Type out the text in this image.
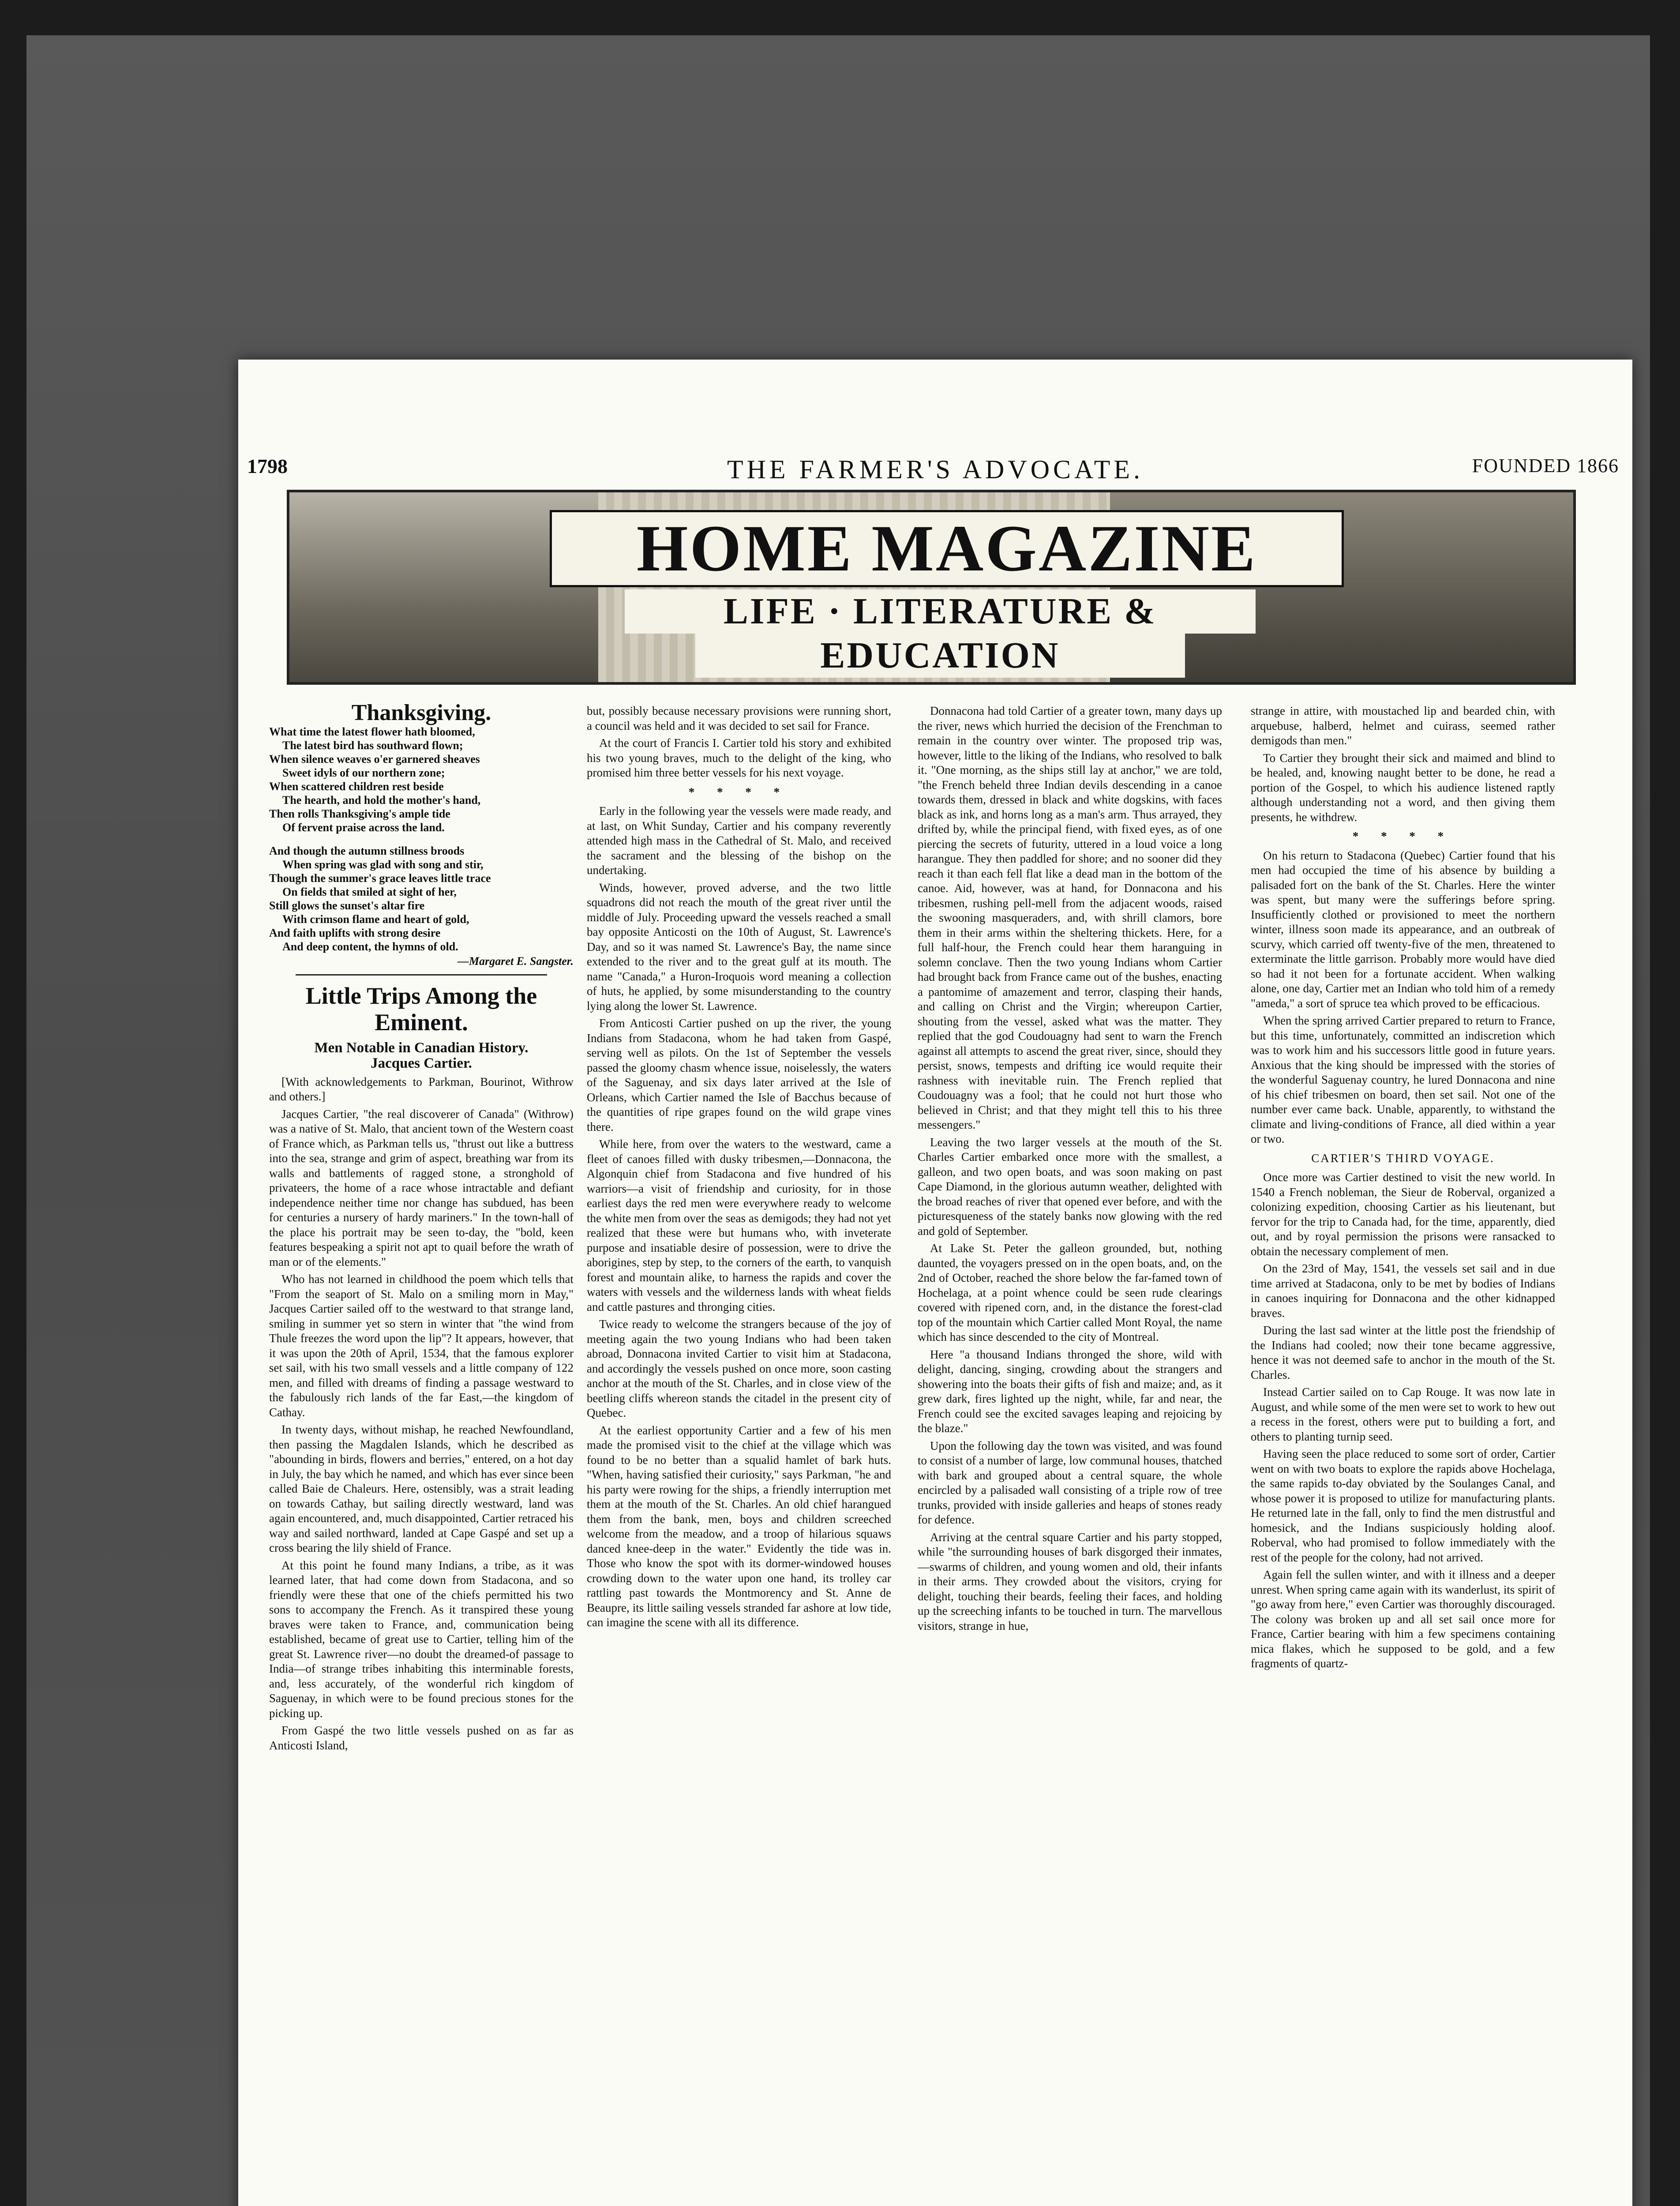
1798	THE FARMER'S ADVOCATE.	FOUNDED 1866
HOME MAGAZINE
LIFE · LITERATURE &
EDUCATION
Thanksgiving.

What time the latest flower hath bloomed,

The latest bird has southward flown;

When silence weaves o'er garnered sheaves

Sweet idyls of our northern zone;

When scattered children rest beside

The hearth, and hold the mother's hand,

Then rolls Thanksgiving's ample tide

Of fervent praise across the land.

And though the autumn stillness broods

When spring was glad with song and stir,

Though the summer's grace leaves little trace

On fields that smiled at sight of her,

Still glows the sunset's altar fire

With crimson flame and heart of gold,

And faith uplifts with strong desire

And deep content, the hymns of old.

—Margaret E. Sangster.

Little Trips Among the Eminent.
Men Notable in Canadian History.
Jacques Cartier.

[With acknowledgements to Parkman, Bourinot, Withrow and others.]

Jacques Cartier, "the real discoverer of Canada" (Withrow) was a native of St. Malo, that ancient town of the Western coast of France which, as Parkman tells us, "thrust out like a buttress into the sea, strange and grim of aspect, breathing war from its walls and battlements of ragged stone, a stronghold of privateers, the home of a race whose intractable and defiant independence neither time nor change has subdued, has been for centuries a nursery of hardy mariners." In the town-hall of the place his portrait may be seen to-day, the "bold, keen features bespeaking a spirit not apt to quail before the wrath of man or of the elements."

Who has not learned in childhood the poem which tells that "From the seaport of St. Malo on a smiling morn in May," Jacques Cartier sailed off to the westward to that strange land, smiling in summer yet so stern in winter that "the wind from Thule freezes the word upon the lip"? It appears, however, that it was upon the 20th of April, 1534, that the famous explorer set sail, with his two small vessels and a little company of 122 men, and filled with dreams of finding a passage westward to the fabulously rich lands of the far East,—the kingdom of Cathay.

In twenty days, without mishap, he reached Newfoundland, then passing the Magdalen Islands, which he described as "abounding in birds, flowers and berries," entered, on a hot day in July, the bay which he named, and which has ever since been called Baie de Chaleurs. Here, ostensibly, was a strait leading on towards Cathay, but sailing directly westward, land was again encountered, and, much disappointed, Cartier retraced his way and sailed northward, landed at Cape Gaspé and set up a cross bearing the lily shield of France.

At this point he found many Indians, a tribe, as it was learned later, that had come down from Stadacona, and so friendly were these that one of the chiefs permitted his two sons to accompany the French. As it transpired these young braves were taken to France, and, communication being established, became of great use to Cartier, telling him of the great St. Lawrence river—no doubt the dreamed-of passage to India—of strange tribes inhabiting this interminable forests, and, less accurately, of the wonderful rich kingdom of Saguenay, in which were to be found precious stones for the picking up.

From Gaspé the two little vessels pushed on as far as Anticosti Island,

but, possibly because necessary provisions were running short, a council was held and it was decided to set sail for France.

At the court of Francis I. Cartier told his story and exhibited his two young braves, much to the delight of the king, who promised him three better vessels for his next voyage.

* * * *

Early in the following year the vessels were made ready, and at last, on Whit Sunday, Cartier and his company reverently attended high mass in the Cathedral of St. Malo, and received the sacrament and the blessing of the bishop on the undertaking.

Winds, however, proved adverse, and the two little squadrons did not reach the mouth of the great river until the middle of July. Proceeding upward the vessels reached a small bay opposite Anticosti on the 10th of August, St. Lawrence's Day, and so it was named St. Lawrence's Bay, the name since extended to the river and to the great gulf at its mouth. The name "Canada," a Huron-Iroquois word meaning a collection of huts, he applied, by some misunderstanding to the country lying along the lower St. Lawrence.

From Anticosti Cartier pushed on up the river, the young Indians from Stadacona, whom he had taken from Gaspé, serving well as pilots. On the 1st of September the vessels passed the gloomy chasm whence issue, noiselessly, the waters of the Saguenay, and six days later arrived at the Isle of Orleans, which Cartier named the Isle of Bacchus because of the quantities of ripe grapes found on the wild grape vines there.

While here, from over the waters to the westward, came a fleet of canoes filled with dusky tribesmen,—Donnacona, the Algonquin chief from Stadacona and five hundred of his warriors—a visit of friendship and curiosity, for in those earliest days the red men were everywhere ready to welcome the white men from over the seas as demigods; they had not yet realized that these were but humans who, with inveterate purpose and insatiable desire of possession, were to drive the aborigines, step by step, to the corners of the earth, to vanquish forest and mountain alike, to harness the rapids and cover the waters with vessels and the wilderness lands with wheat fields and cattle pastures and thronging cities.

Twice ready to welcome the strangers because of the joy of meeting again the two young Indians who had been taken abroad, Donnacona invited Cartier to visit him at Stadacona, and accordingly the vessels pushed on once more, soon casting anchor at the mouth of the St. Charles, and in close view of the beetling cliffs whereon stands the citadel in the present city of Quebec.

At the earliest opportunity Cartier and a few of his men made the promised visit to the chief at the village which was found to be no better than a squalid hamlet of bark huts. "When, having satisfied their curiosity," says Parkman, "he and his party were rowing for the ships, a friendly interruption met them at the mouth of the St. Charles. An old chief harangued them from the bank, men, boys and children screeched welcome from the meadow, and a troop of hilarious squaws danced knee-deep in the water." Evidently the tide was in. Those who know the spot with its dormer-windowed houses crowding down to the water upon one hand, its trolley car rattling past towards the Montmorency and St. Anne de Beaupre, its little sailing vessels stranded far ashore at low tide, can imagine the scene with all its difference.

Donnacona had told Cartier of a greater town, many days up the river, news which hurried the decision of the Frenchman to remain in the country over winter. The proposed trip was, however, little to the liking of the Indians, who resolved to balk it. "One morning, as the ships still lay at anchor," we are told, "the French beheld three Indian devils descending in a canoe towards them, dressed in black and white dogskins, with faces black as ink, and horns long as a man's arm. Thus arrayed, they drifted by, while the principal fiend, with fixed eyes, as of one piercing the secrets of futurity, uttered in a loud voice a long harangue. They then paddled for shore; and no sooner did they reach it than each fell flat like a dead man in the bottom of the canoe. Aid, however, was at hand, for Donnacona and his tribesmen, rushing pell-mell from the adjacent woods, raised the swooning masqueraders, and, with shrill clamors, bore them in their arms within the sheltering thickets. Here, for a full half-hour, the French could hear them haranguing in solemn conclave. Then the two young Indians whom Cartier had brought back from France came out of the bushes, enacting a pantomime of amazement and terror, clasping their hands, and calling on Christ and the Virgin; whereupon Cartier, shouting from the vessel, asked what was the matter. They replied that the god Coudouagny had sent to warn the French against all attempts to ascend the great river, since, should they persist, snows, tempests and drifting ice would requite their rashness with inevitable ruin. The French replied that Coudouagny was a fool; that he could not hurt those who believed in Christ; and that they might tell this to his three messengers."

Leaving the two larger vessels at the mouth of the St. Charles Cartier embarked once more with the smallest, a galleon, and two open boats, and was soon making on past Cape Diamond, in the glorious autumn weather, delighted with the broad reaches of river that opened ever before, and with the picturesqueness of the stately banks now glowing with the red and gold of September.

At Lake St. Peter the galleon grounded, but, nothing daunted, the voyagers pressed on in the open boats, and, on the 2nd of October, reached the shore below the far-famed town of Hochelaga, at a point whence could be seen rude clearings covered with ripened corn, and, in the distance the forest-clad top of the mountain which Cartier called Mont Royal, the name which has since descended to the city of Montreal.

Here "a thousand Indians thronged the shore, wild with delight, dancing, singing, crowding about the strangers and showering into the boats their gifts of fish and maize; and, as it grew dark, fires lighted up the night, while, far and near, the French could see the excited savages leaping and rejoicing by the blaze."

Upon the following day the town was visited, and was found to consist of a number of large, low communal houses, thatched with bark and grouped about a central square, the whole encircled by a palisaded wall consisting of a triple row of tree trunks, provided with inside galleries and heaps of stones ready for defence.

Arriving at the central square Cartier and his party stopped, while "the surrounding houses of bark disgorged their inmates,—swarms of children, and young women and old, their infants in their arms. They crowded about the visitors, crying for delight, touching their beards, feeling their faces, and holding up the screeching infants to be touched in turn. The marvellous visitors, strange in hue,

strange in attire, with moustached lip and bearded chin, with arquebuse, halberd, helmet and cuirass, seemed rather demigods than men."

To Cartier they brought their sick and maimed and blind to be healed, and, knowing naught better to be done, he read a portion of the Gospel, to which his audience listened raptly although understanding not a word, and then giving them presents, he withdrew.

* * * *

On his return to Stadacona (Quebec) Cartier found that his men had occupied the time of his absence by building a palisaded fort on the bank of the St. Charles. Here the winter was spent, but many were the sufferings before spring. Insufficiently clothed or provisioned to meet the northern winter, illness soon made its appearance, and an outbreak of scurvy, which carried off twenty-five of the men, threatened to exterminate the little garrison. Probably more would have died so had it not been for a fortunate accident. When walking alone, one day, Cartier met an Indian who told him of a remedy "ameda," a sort of spruce tea which proved to be efficacious.

When the spring arrived Cartier prepared to return to France, but this time, unfortunately, committed an indiscretion which was to work him and his successors little good in future years. Anxious that the king should be impressed with the stories of the wonderful Saguenay country, he lured Donnacona and nine of his chief tribesmen on board, then set sail. Not one of the number ever came back. Unable, apparently, to withstand the climate and living-conditions of France, all died within a year or two.

CARTIER'S THIRD VOYAGE.

Once more was Cartier destined to visit the new world. In 1540 a French nobleman, the Sieur de Roberval, organized a colonizing expedition, choosing Cartier as his lieutenant, but fervor for the trip to Canada had, for the time, apparently, died out, and by royal permission the prisons were ransacked to obtain the necessary complement of men.

On the 23rd of May, 1541, the vessels set sail and in due time arrived at Stadacona, only to be met by bodies of Indians in canoes inquiring for Donnacona and the other kidnapped braves.

During the last sad winter at the little post the friendship of the Indians had cooled; now their tone became aggressive, hence it was not deemed safe to anchor in the mouth of the St. Charles.

Instead Cartier sailed on to Cap Rouge. It was now late in August, and while some of the men were set to work to hew out a recess in the forest, others were put to building a fort, and others to planting turnip seed.

Having seen the place reduced to some sort of order, Cartier went on with two boats to explore the rapids above Hochelaga, the same rapids to-day obviated by the Soulanges Canal, and whose power it is proposed to utilize for manufacturing plants. He returned late in the fall, only to find the men distrustful and homesick, and the Indians suspiciously holding aloof. Roberval, who had promised to follow immediately with the rest of the people for the colony, had not arrived.

Again fell the sullen winter, and with it illness and a deeper unrest. When spring came again with its wanderlust, its spirit of "go away from here," even Cartier was thoroughly discouraged. The colony was broken up and all set sail once more for France, Cartier bearing with him a few specimens containing mica flakes, which he supposed to be gold, and a few fragments of quartz-
